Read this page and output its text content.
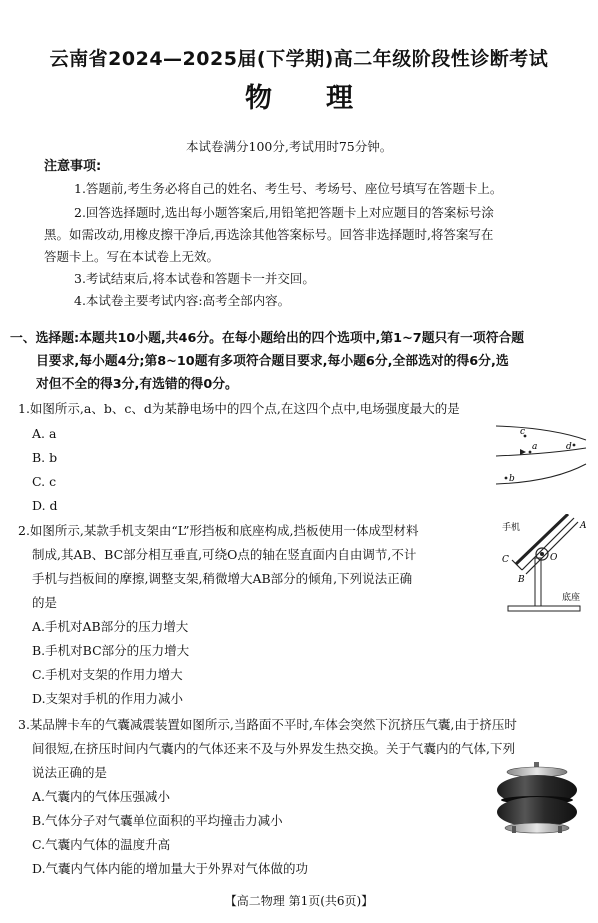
云南省2024—2025届(下学期)高二年级阶段性诊断考试
物理
本试卷满分100分,考试用时75分钟。
注意事项:
1.答题前,考生务必将自己的姓名、考生号、考场号、座位号填写在答题卡上。
2.回答选择题时,选出每小题答案后,用铅笔把答题卡上对应题目的答案标号涂
黑。如需改动,用橡皮擦干净后,再选涂其他答案标号。回答非选择题时,将答案写在
答题卡上。写在本试卷上无效。
3.考试结束后,将本试卷和答题卡一并交回。
4.本试卷主要考试内容:高考全部内容。
一、选择题:本题共10小题,共46分。在每小题给出的四个选项中,第1~7题只有一项符合题
目要求,每小题4分;第8~10题有多项符合题目要求,每小题6分,全部选对的得6分,选
对但不全的得3分,有选错的得0分。
1.如图所示,a、b、c、d为某静电场中的四个点,在这四个点中,电场强度最大的是
A. a
B. b
C. c
D. d
c
a	d
b
2.如图所示,某款手机支架由“L”形挡板和底座构成,挡板使用一体成型材料
制成,其AB、BC部分相互垂直,可绕O点的轴在竖直面内自由调节,不计
手机与挡板间的摩擦,调整支架,稍微增大AB部分的倾角,下列说法正确
的是
A.手机对AB部分的压力增大
B.手机对BC部分的压力增大
C.手机对支架的作用力增大
D.支架对手机的作用力减小
手机	A
C	O
B
底座
3.某品牌卡车的气囊减震装置如图所示,当路面不平时,车体会突然下沉挤压气囊,由于挤压时
间很短,在挤压时间内气囊内的气体还来不及与外界发生热交换。关于气囊内的气体,下列
说法正确的是
A.气囊内的气体压强减小
B.气体分子对气囊单位面积的平均撞击力减小
C.气囊内气体的温度升高
D.气囊内气体内能的增加量大于外界对气体做的功
【高二物理 第1页(共6页)】
